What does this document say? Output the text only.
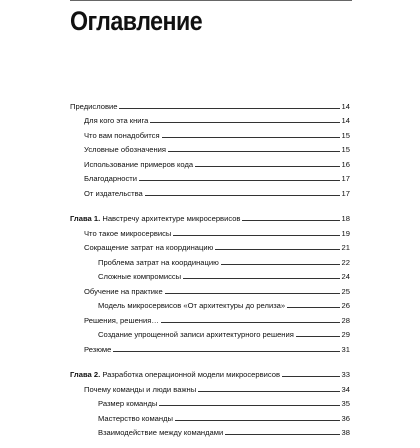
Оглавление
Предисловие	14
Для кого эта книга	14
Что вам понадобится	15
Условные обозначения	15
Использование примеров кода	16
Благодарности	17
От издательства	17
Глава 1. Навстречу архитектуре микросервисов	18
Что такое микросервисы	19
Сокращение затрат на координацию	21
Проблема затрат на координацию	22
Сложные компромиссы	24
Обучение на практике	25
Модель микросервисов «От архитектуры до релиза»	26
Решения, решения…	28
Создание упрощенной записи архитектурного решения	29
Резюме	31
Глава 2. Разработка операционной модели микросервисов	33
Почему команды и люди важны	34
Размер команды	35
Мастерство команды	36
Взаимодействие между командами	38
